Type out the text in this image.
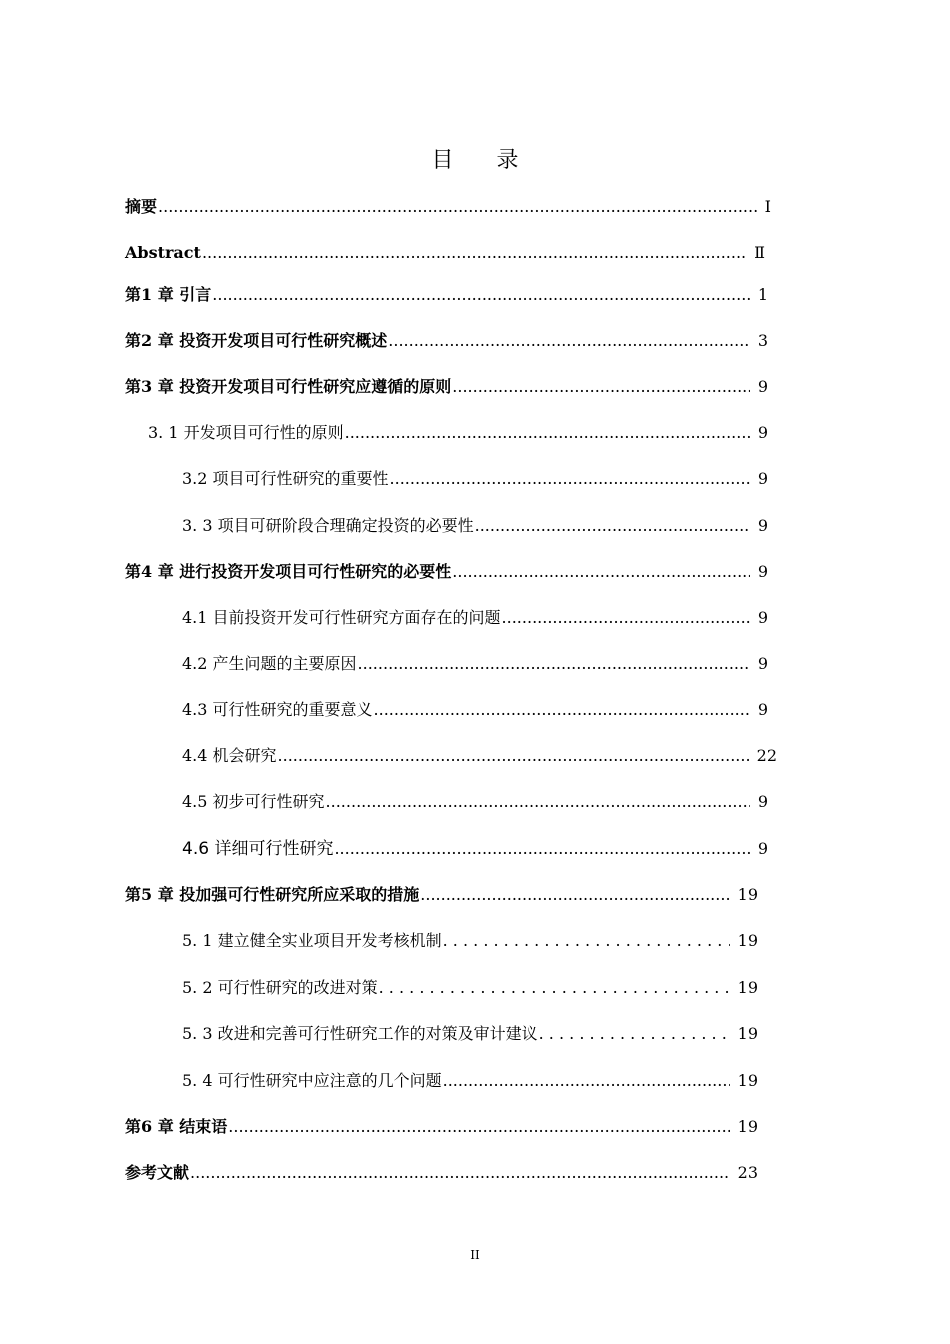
目 录
摘要 .....	Ⅰ
Abstract .....	Ⅱ
第1 章 引言 .....	1
第2 章 投资开发项目可行性研究概述 .....	3
第3 章 投资开发项目可行性研究应遵循的原则 .....	9
3. 1 开发项目可行性的原则 .....	9
3.2 项目可行性研究的重要性 .....	9
3. 3 项目可研阶段合理确定投资的必要性 .....	9
第4 章 进行投资开发项目可行性研究的必要性 .....	9
4.1 目前投资开发可行性研究方面存在的问题 .....	9
4.2 产生问题的主要原因 .....	9
4.3 可行性研究的重要意义 .....	9
4.4 机会研究 .....	22
4.5 初步可行性研究 .....	9
4.6 详细可行性研究 .....	9
第5 章 投加强可行性研究所应采取的措施 .....	19
5. 1 建立健全实业项目开发考核机制 . . .	19
5. 2 可行性研究的改进对策 . . .	19
5. 3 改进和完善可行性研究工作的对策及审计建议 . . .	19
5. 4 可行性研究中应注意的几个问题 .....	19
第6 章 结束语 .....	19
参考文献 .....	23
II
